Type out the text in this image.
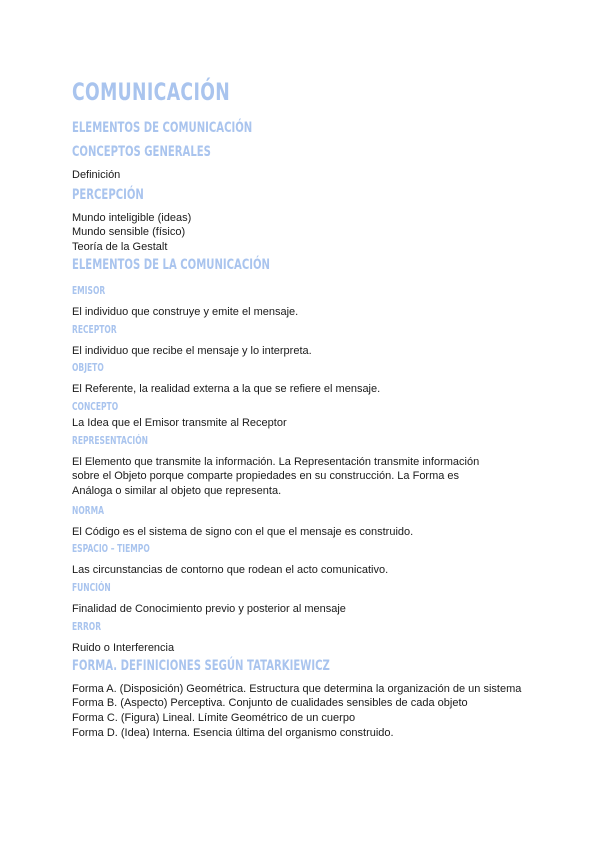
COMUNICACIÓN
ELEMENTOS DE COMUNICACIÓN
CONCEPTOS GENERALES

Definición

PERCEPCIÓN

Mundo inteligible (ideas)

Mundo sensible (físico)

Teoría de la Gestalt

ELEMENTOS DE LA COMUNICACIÓN
EMISOR

El individuo que construye y emite el mensaje.

RECEPTOR

El individuo que recibe el mensaje y lo interpreta.

OBJETO

El Referente, la realidad externa a la que se refiere el mensaje.

CONCEPTO

La Idea que el Emisor transmite al Receptor

REPRESENTACIÓN

El Elemento que transmite la información. La Representación transmite información

sobre el Objeto porque comparte propiedades en su construcción. La Forma es

Análoga o similar al objeto que representa.

NORMA

El Código es el sistema de signo con el que el mensaje es construido.

ESPACIO – TIEMPO

Las circunstancias de contorno que rodean el acto comunicativo.

FUNCIÓN

Finalidad de Conocimiento previo y posterior al mensaje

ERROR

Ruido o Interferencia

FORMA. DEFINICIONES SEGÚN TATARKIEWICZ

Forma A. (Disposición) Geométrica. Estructura que determina la organización de un sistema

Forma B. (Aspecto) Perceptiva. Conjunto de cualidades sensibles de cada objeto

Forma C. (Figura) Lineal. Límite Geométrico de un cuerpo

Forma D. (Idea) Interna. Esencia última del organismo construido.
